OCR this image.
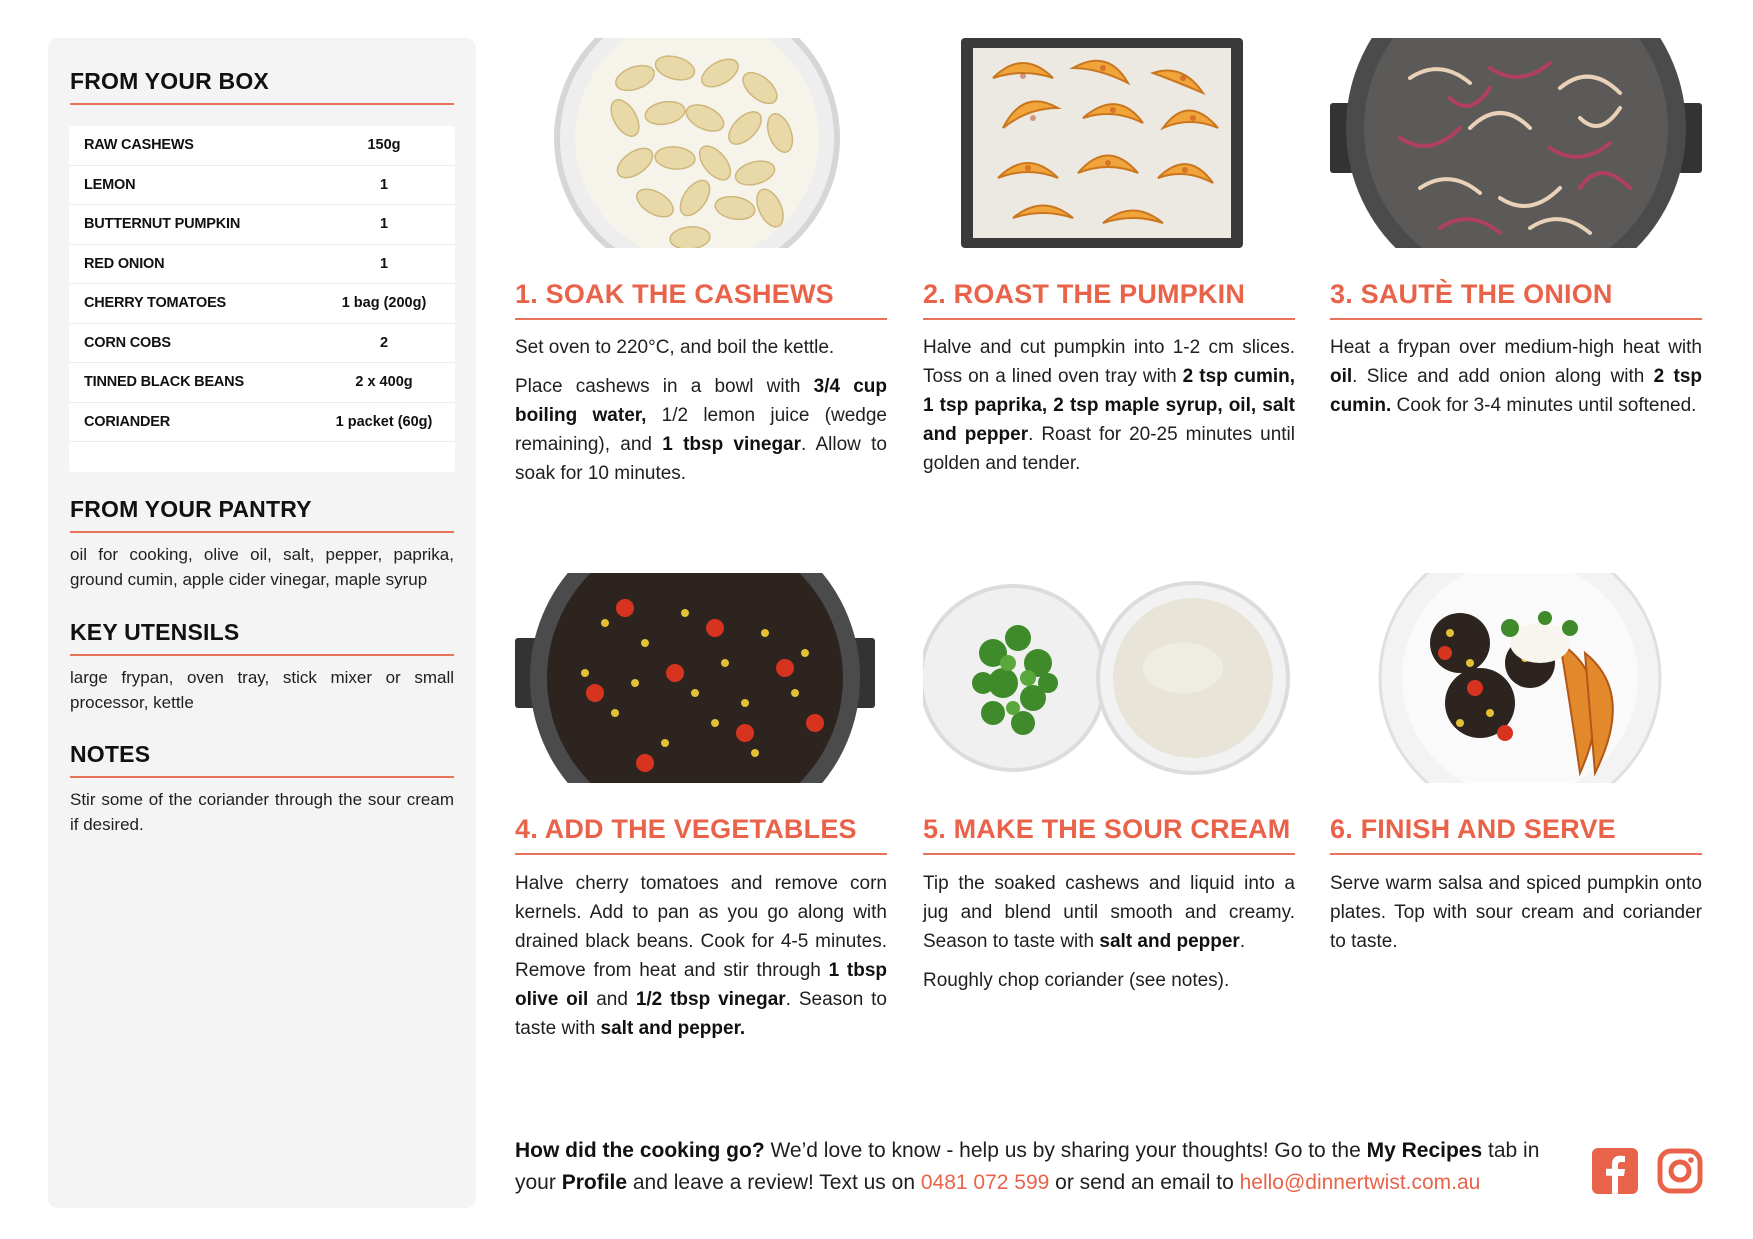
FROM YOUR BOX
RAW CASHEWS	150g
LEMON	1
BUTTERNUT PUMPKIN	1
RED ONION	1
CHERRY TOMATOES	1 bag (200g)
CORN COBS	2
TINNED BLACK BEANS	2 x 400g
CORIANDER	1 packet (60g)
FROM YOUR PANTRY
oil for cooking, olive oil, salt, pepper, paprika, ground cumin, apple cider vinegar, maple syrup
KEY UTENSILS
large frypan, oven tray, stick mixer or small processor, kettle
NOTES
Stir some of the coriander through the sour cream if desired.
1. SOAK THE CASHEWS	2. ROAST THE PUMPKIN	3. SAUTÈ THE ONION
4. ADD THE VEGETABLES	5. MAKE THE SOUR CREAM 6. FINISH AND SERVE

Set oven to 220°C, and boil the kettle.

Place cashews in a bowl with 3/4 cup boiling water, 1/2 lemon juice (wedge remaining), and 1 tbsp vinegar. Allow to soak for 10 minutes.

Halve and cut pumpkin into 1-2 cm slices. Toss on a lined oven tray with 2 tsp cumin, 1 tsp paprika, 2 tsp maple syrup, oil, salt and pepper. Roast for 20-25 minutes until golden and tender.

Heat a frypan over medium-high heat with oil. Slice and add onion along with 2 tsp cumin. Cook for 3-4 minutes until softened.

Halve cherry tomatoes and remove corn kernels. Add to pan as you go along with drained black beans. Cook for 4-5 minutes. Remove from heat and stir through 1 tbsp olive oil and 1/2 tbsp vinegar. Season to taste with salt and pepper.

Tip the soaked cashews and liquid into a jug and blend until smooth and creamy. Season to taste with salt and pepper.

Roughly chop coriander (see notes).

Serve warm salsa and spiced pumpkin onto plates. Top with sour cream and coriander to taste.

How did the cooking go? We’d love to know - help us by sharing your thoughts! Go to the My Recipes tab in your Profile and leave a review! Text us on 0481 072 599 or send an email to hello@dinnertwist.com.au
